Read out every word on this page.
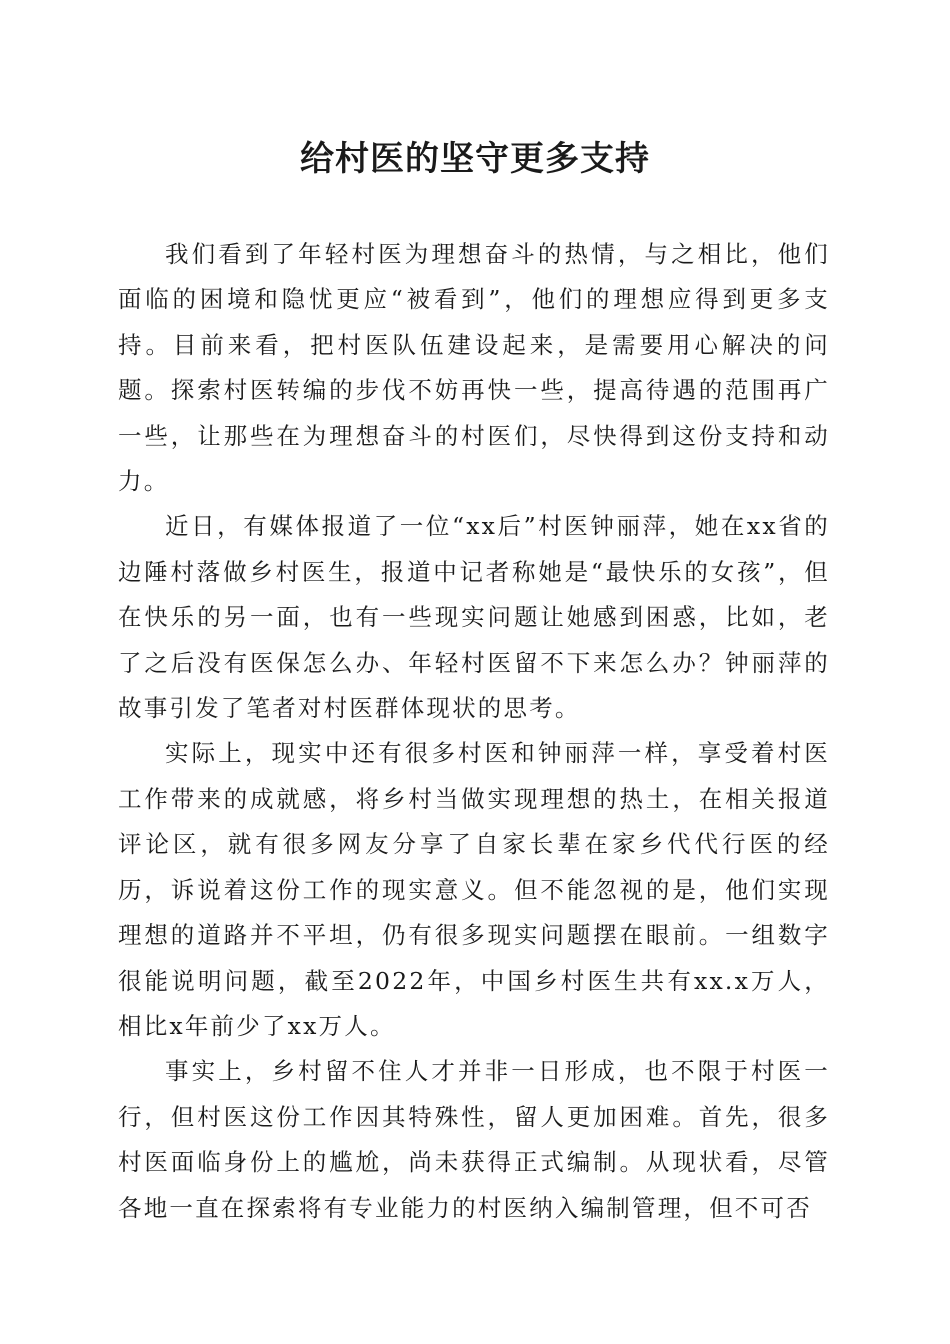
给村医的坚守更多支持

我们看到了年轻村医为理想奋斗的热情，与之相比，他们面临的困境和隐忧更应“被看到”，他们的理想应得到更多支持。目前来看，把村医队伍建设起来，是需要用心解决的问题。探索村医转编的步伐不妨再快一些，提高待遇的范围再广一些，让那些在为理想奋斗的村医们，尽快得到这份支持和动力。

近日，有媒体报道了一位“xx后”村医钟丽萍，她在xx省的边陲村落做乡村医生，报道中记者称她是“最快乐的女孩”，但在快乐的另一面，也有一些现实问题让她感到困惑，比如，老了之后没有医保怎么办、年轻村医留不下来怎么办？钟丽萍的故事引发了笔者对村医群体现状的思考。

实际上，现实中还有很多村医和钟丽萍一样，享受着村医工作带来的成就感，将乡村当做实现理想的热土，在相关报道评论区，就有很多网友分享了自家长辈在家乡代代行医的经历，诉说着这份工作的现实意义。但不能忽视的是，他们实现理想的道路并不平坦，仍有很多现实问题摆在眼前。一组数字很能说明问题，截至2022年，中国乡村医生共有xx.x万人，相比x年前少了xx万人。

事实上，乡村留不住人才并非一日形成，也不限于村医一行，但村医这份工作因其特殊性，留人更加困难。首先，很多村医面临身份上的尴尬，尚未获得正式编制。从现状看，尽管各地一直在探索将有专业能力的村医纳入编制管理，但不可否
